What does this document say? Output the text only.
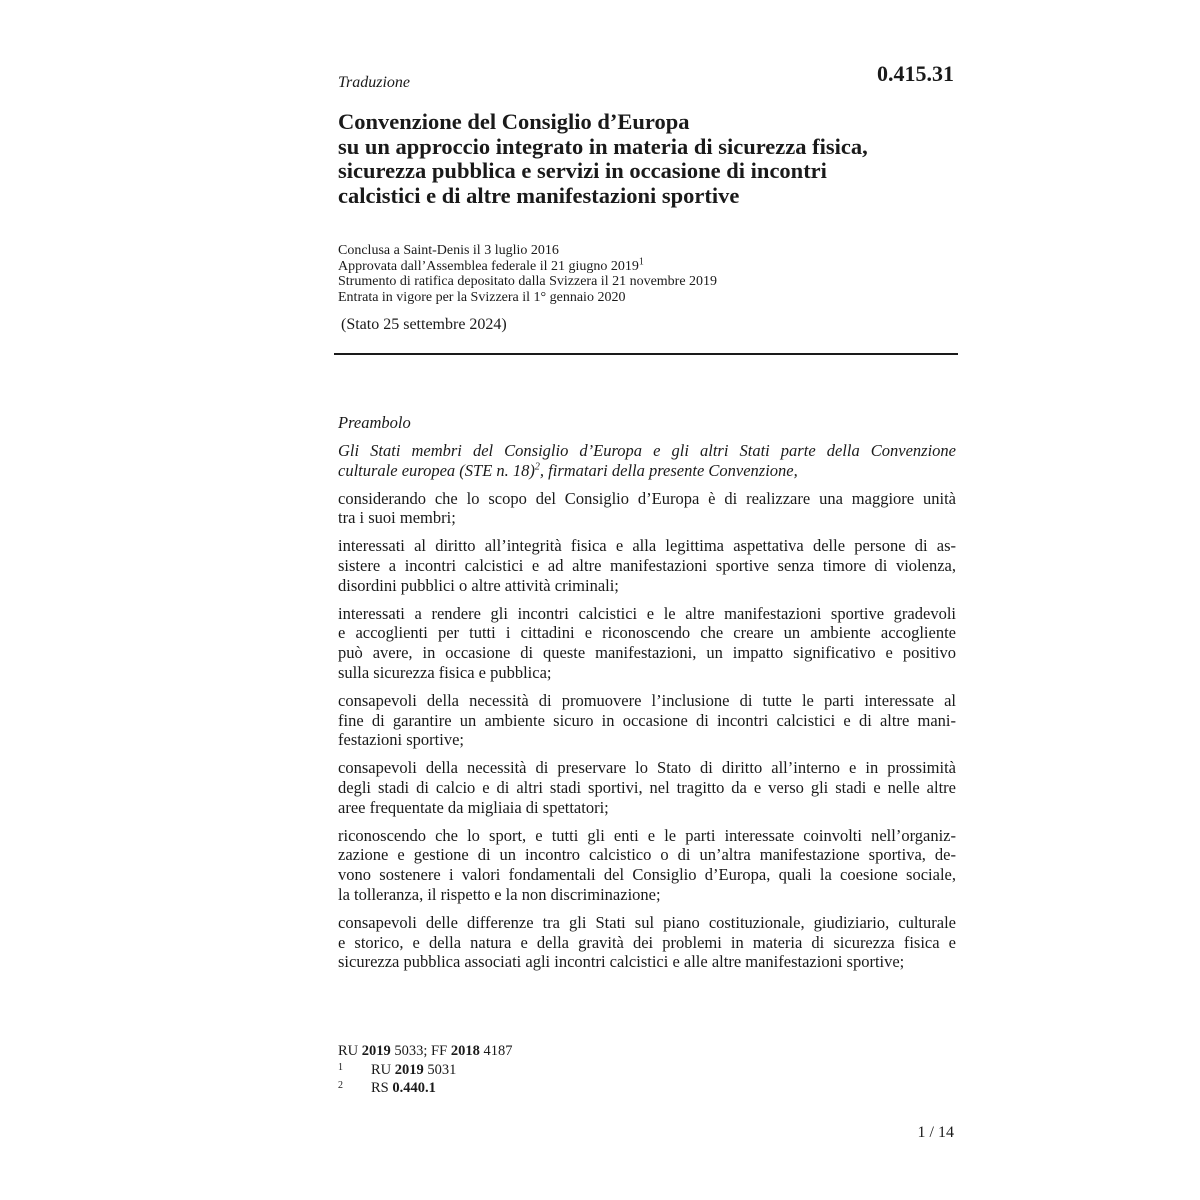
Traduzione	0.415.31
Convenzione del Consiglio d’Europa
su un approccio integrato in materia di sicurezza fisica,
sicurezza pubblica e servizi in occasione di incontri
calcistici e di altre manifestazioni sportive
Conclusa a Saint-Denis il 3 luglio 2016
Approvata dall’Assemblea federale il 21 giugno 2019$^1$
Strumento di ratifica depositato dalla Svizzera il 21 novembre 2019
Entrata in vigore per la Svizzera il 1° gennaio 2020
(Stato 25 settembre 2024)
Preambolo
Gli Stati membri del Consiglio d’Europa e gli altri Stati parte della Convenzione
culturale europea (STE n. 18)$^2$, firmatari della presente Convenzione,
considerando che lo scopo del Consiglio d’Europa è di realizzare una maggiore unità
tra i suoi membri;
interessati al diritto all’integrità fisica e alla legittima aspettativa delle persone di as-
sistere a incontri calcistici e ad altre manifestazioni sportive senza timore di violenza,
disordini pubblici o altre attività criminali;
interessati a rendere gli incontri calcistici e le altre manifestazioni sportive gradevoli
e accoglienti per tutti i cittadini e riconoscendo che creare un ambiente accogliente
può avere, in occasione di queste manifestazioni, un impatto significativo e positivo
sulla sicurezza fisica e pubblica;
consapevoli della necessità di promuovere l’inclusione di tutte le parti interessate al
fine di garantire un ambiente sicuro in occasione di incontri calcistici e di altre mani-
festazioni sportive;
consapevoli della necessità di preservare lo Stato di diritto all’interno e in prossimità
degli stadi di calcio e di altri stadi sportivi, nel tragitto da e verso gli stadi e nelle altre
aree frequentate da migliaia di spettatori;
riconoscendo che lo sport, e tutti gli enti e le parti interessate coinvolti nell’organiz-
zazione e gestione di un incontro calcistico o di un’altra manifestazione sportiva, de-
vono sostenere i valori fondamentali del Consiglio d’Europa, quali la coesione sociale,
la tolleranza, il rispetto e la non discriminazione;
consapevoli delle differenze tra gli Stati sul piano costituzionale, giudiziario, culturale
e storico, e della natura e della gravità dei problemi in materia di sicurezza fisica e
sicurezza pubblica associati agli incontri calcistici e alle altre manifestazioni sportive;
RU 2019 5033; FF 2018 4187
1 RU 2019 5031
2 RS 0.440.1
1 / 14
